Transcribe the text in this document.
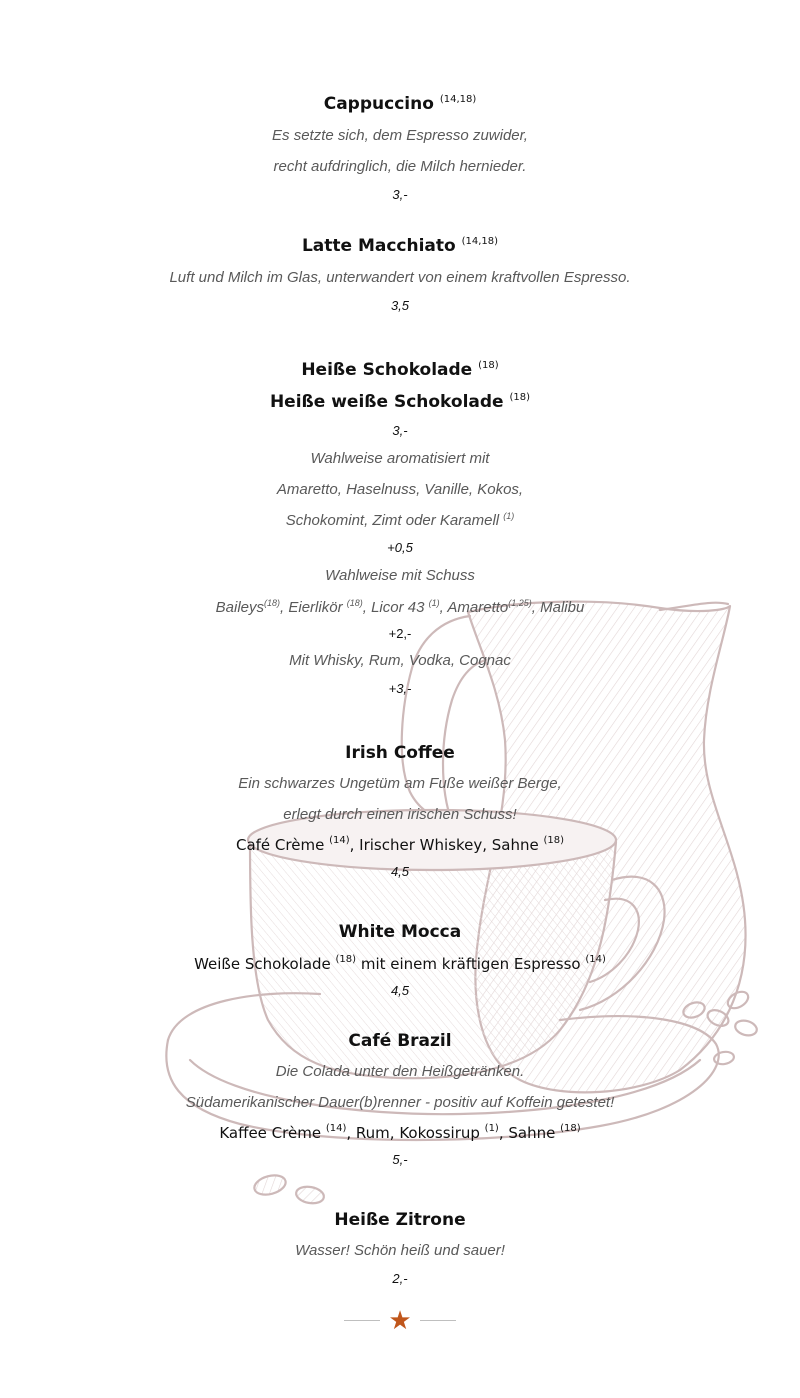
Cappuccino $^{(14,18)}$
Es setzte sich, dem Espresso zuwider,
recht aufdringlich, die Milch hernieder.
3,-
Latte Macchiato $^{(14,18)}$
Luft und Milch im Glas, unterwandert von einem kraftvollen Espresso.
3,5
Heiße Schokolade $^{(18)}$
Heiße weiße Schokolade $^{(18)}$
3,-
Wahlweise aromatisiert mit
Amaretto, Haselnuss, Vanille, Kokos,
Schokomint, Zimt oder Karamell $^{(1)}$
+0,5
Wahlweise mit Schuss
Baileys$^{(18)}$, Eierlikör $^{(18)}$, Licor 43 $^{(1)}$, Amaretto$^{(1,25)}$, Malibu
+2,-
Mit Whisky, Rum, Vodka, Cognac
+3,-
Irish Coffee
Ein schwarzes Ungetüm am Fuße weißer Berge,
erlegt durch einen irischen Schuss!
Café Crème $^{(14)}$, Irischer Whiskey, Sahne $^{(18)}$
4,5
White Mocca
Weiße Schokolade $^{(18)}$ mit einem kräftigen Espresso $^{(14)}$
4,5
Café Brazil
Die Colada unter den Heißgetränken.
Südamerikanischer Dauer(b)renner - positiv auf Koffein getestet!
Kaffee Crème $^{(14)}$, Rum, Kokossirup $^{(1)}$, Sahne $^{(18)}$
5,-
Heiße Zitrone
Wasser! Schön heiß und sauer!
2,-
★
